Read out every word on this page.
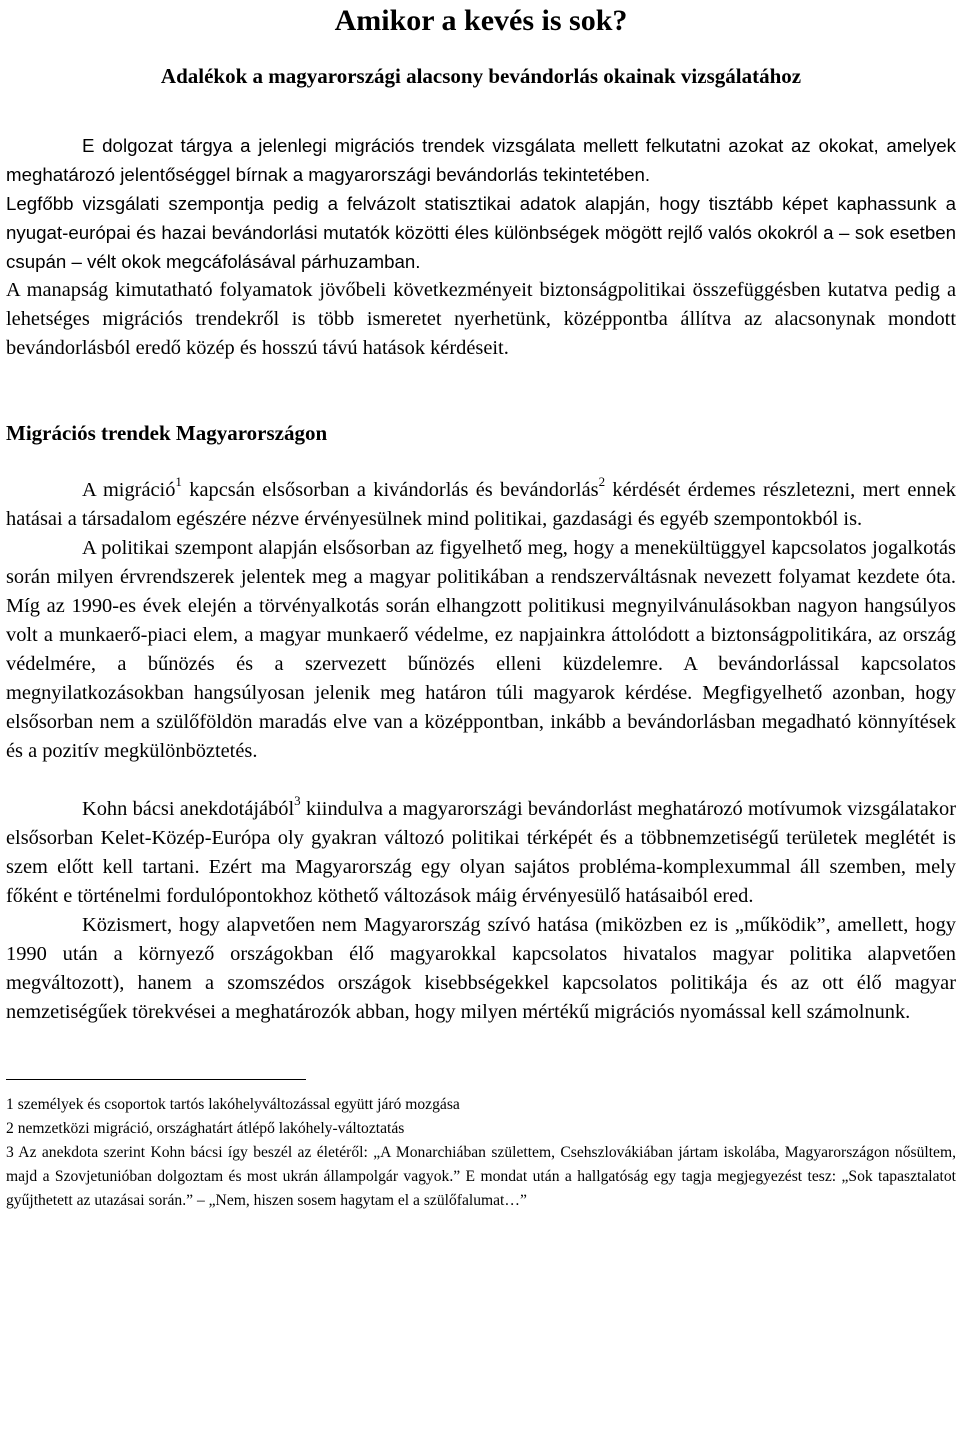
Amikor a kevés is sok?
Adalékok a magyarországi alacsony bevándorlás okainak vizsgálatához

E dolgozat tárgya a jelenlegi migrációs trendek vizsgálata mellett felkutatni azokat az okokat, amelyek meghatározó jelentőséggel bírnak a magyarországi bevándorlás tekintetében.

Legfőbb vizsgálati szempontja pedig a felvázolt statisztikai adatok alapján, hogy tisztább képet kaphassunk a nyugat-európai és hazai bevándorlási mutatók közötti éles különbségek mögött rejlő valós okokról a – sok esetben csupán – vélt okok megcáfolásával párhuzamban.

A manapság kimutatható folyamatok jövőbeli következményeit biztonságpolitikai összefüggésben kutatva pedig a lehetséges migrációs trendekről is több ismeretet nyerhetünk, középpontba állítva az alacsonynak mondott bevándorlásból eredő közép és hosszú távú hatások kérdéseit.

Migrációs trendek Magyarországon

A migráció$^1$ kapcsán elsősorban a kivándorlás és bevándorlás$^2$ kérdését érdemes részletezni, mert ennek hatásai a társadalom egészére nézve érvényesülnek mind politikai, gazdasági és egyéb szempontokból is.

A politikai szempont alapján elsősorban az figyelhető meg, hogy a menekültüggyel kapcsolatos jogalkotás során milyen érvrendszerek jelentek meg a magyar politikában a rendszerváltásnak nevezett folyamat kezdete óta. Míg az 1990-es évek elején a törvényalkotás során elhangzott politikusi megnyilvánulásokban nagyon hangsúlyos volt a munkaerő-piaci elem, a magyar munkaerő védelme, ez napjainkra áttolódott a biztonságpolitikára, az ország védelmére, a bűnözés és a szervezett bűnözés elleni küzdelemre. A bevándorlással kapcsolatos megnyilatkozásokban hangsúlyosan jelenik meg határon túli magyarok kérdése. Megfigyelhető azonban, hogy elsősorban nem a szülőföldön maradás elve van a középpontban, inkább a bevándorlásban megadható könnyítések és a pozitív megkülönböztetés.

Kohn bácsi anekdotájából$^3$ kiindulva a magyarországi bevándorlást meghatározó motívumok vizsgálatakor elsősorban Kelet-Közép-Európa oly gyakran változó politikai térképét és a többnemzetiségű területek meglétét is szem előtt kell tartani. Ezért ma Magyarország egy olyan sajátos probléma-komplexummal áll szemben, mely főként e történelmi fordulópontokhoz köthető változások máig érvényesülő hatásaiból ered.

Közismert, hogy alapvetően nem Magyarország szívó hatása (miközben ez is „működik”, amellett, hogy 1990 után a környező országokban élő magyarokkal kapcsolatos hivatalos magyar politika alapvetően megváltozott), hanem a szomszédos országok kisebbségekkel kapcsolatos politikája és az ott élő magyar nemzetiségűek törekvései a meghatározók abban, hogy milyen mértékű migrációs nyomással kell számolnunk.

1 személyek és csoportok tartós lakóhelyváltozással együtt járó mozgása

2 nemzetközi migráció, országhatárt átlépő lakóhely-változtatás

3 Az anekdota szerint Kohn bácsi így beszél az életéről: „A Monarchiában születtem, Csehszlovákiában jártam iskolába, Magyarországon nősültem, majd a Szovjetunióban dolgoztam és most ukrán állampolgár vagyok.” E mondat után a hallgatóság egy tagja megjegyezést tesz: „Sok tapasztalatot gyűjthetett az utazásai során.” – „Nem, hiszen sosem hagytam el a szülőfalumat…”
